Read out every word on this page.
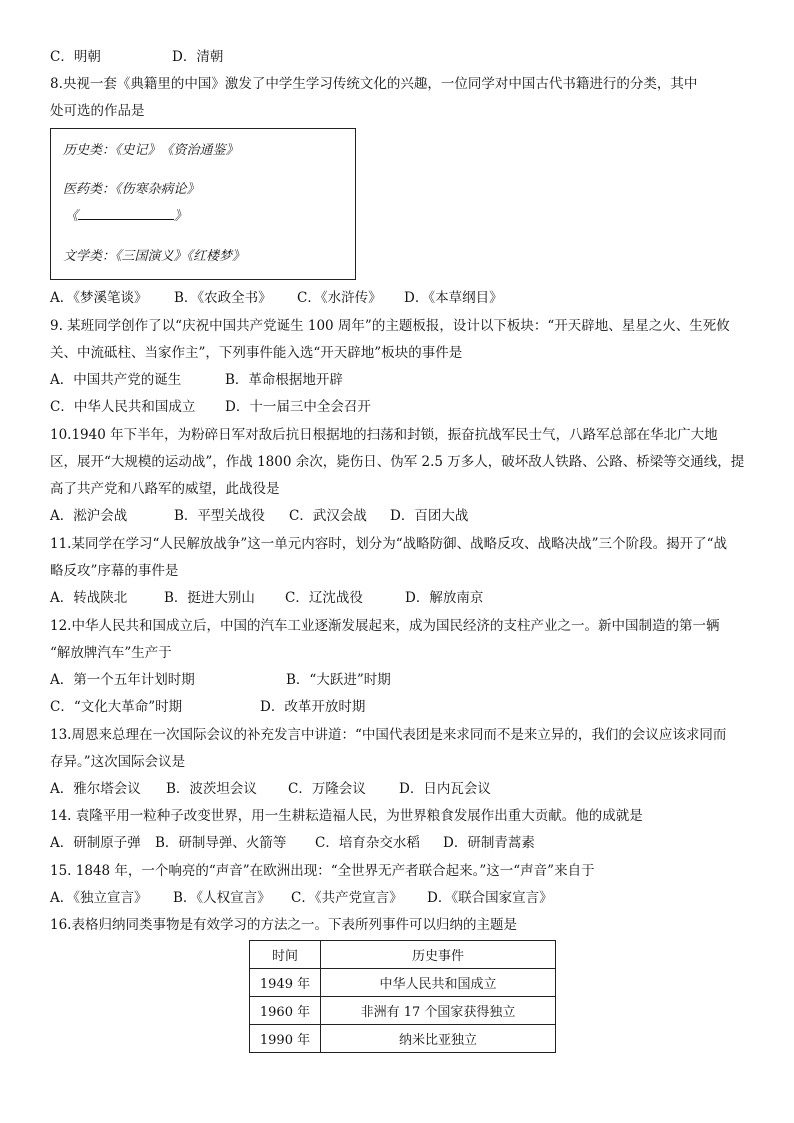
C．明朝	D．清朝
8.央视一套《典籍里的中国》激发了中学生学习传统文化的兴趣，一位同学对中国古代书籍进行的分类，其中
处可选的作品是
历史类：《史记》　《资治通鉴》
医药类：《伤寒杂病论》
《	》
文学类：《三国演义》《红楼梦》
A．《梦溪笔谈》 B．《农政全书》 C．《水浒传》 D．《本草纲目》
9. 某班同学创作了以“庆祝中国共产党诞生 100 周年”的主题板报，设计以下板块：“开天辟地、星星之火、生死攸
关、中流砥柱、当家作主”，下列事件能入选“开天辟地”板块的事件是
A．中国共产党的诞生	B．革命根据地开辟
C．中华人民共和国成立 D．十一届三中全会召开
10.1940 年下半年，为粉碎日军对敌后抗日根据地的扫荡和封锁，振奋抗战军民士气，八路军总部在华北广大地
区，展开“大规模的运动战”，作战 1800 余次，毙伤日、伪军 2.5 万多人，破坏敌人铁路、公路、桥梁等交通线，提
高了共产党和八路军的威望，此战役是
A．淞沪会战	B．平型关战役 C．武汉会战 D．百团大战
11.某同学在学习“人民解放战争”这一单元内容时，划分为“战略防御、战略反攻、战略决战”三个阶段。揭开了“战
略反攻”序幕的事件是
A．转战陕北	B．挺进大别山 C．辽沈战役	D．解放南京
12.中华人民共和国成立后，中国的汽车工业逐渐发展起来，成为国民经济的支柱产业之一。新中国制造的第一辆
“解放牌汽车”生产于
A．第一个五年计划时期	B．“大跃进”时期
C．“文化大革命”时期	D．改革开放时期
13.周恩来总理在一次国际会议的补充发言中讲道：“中国代表团是来求同而不是来立异的，我们的会议应该求同而
存异。”这次国际会议是
A．雅尔塔会议 B．波茨坦会议 C．万隆会议 D．日内瓦会议
14. 袁隆平用一粒种子改变世界，用一生耕耘造福人民，为世界粮食发展作出重大贡献。他的成就是
A．研制原子弹 B．研制导弹、火箭等 C．培育杂交水稻 D．研制青蒿素
15. 1848 年，一个响亮的“声音”在欧洲出现：“全世界无产者联合起来。”这一“声音”来自于
A．《独立宣言》 B．《人权宣言》 C．《共产党宣言》 D．《联合国家宣言》
16.表格归纳同类事物是有效学习的方法之一。下表所列事件可以归纳的主题是
时间	历史事件
1949 年	中华人民共和国成立
1960 年	非洲有 17 个国家获得独立
1990 年	纳米比亚独立
